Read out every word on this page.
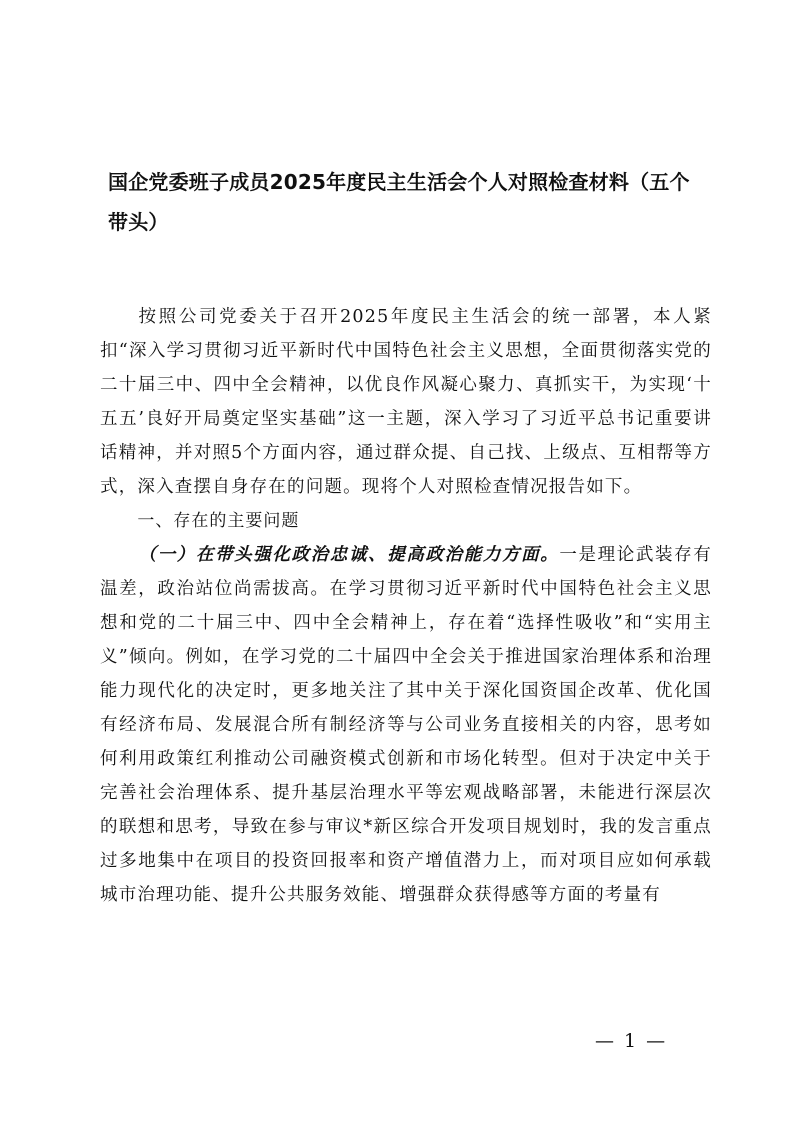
国企党委班子成员2025年度民主生活会个人对照检查材料（五个带头）

按照公司党委关于召开2025年度民主生活会的统一部署，本人紧扣“深入学习贯彻习近平新时代中国特色社会主义思想，全面贯彻落实党的二十届三中、四中全会精神，以优良作风凝心聚力、真抓实干，为实现‘十五五’良好开局奠定坚实基础”这一主题，深入学习了习近平总书记重要讲话精神，并对照5个方面内容，通过群众提、自己找、上级点、互相帮等方式，深入查摆自身存在的问题。现将个人对照检查情况报告如下。

一、存在的主要问题

（一）在带头强化政治忠诚、提高政治能力方面。一是理论武装存有温差，政治站位尚需拔高。在学习贯彻习近平新时代中国特色社会主义思想和党的二十届三中、四中全会精神上，存在着“选择性吸收”和“实用主义”倾向。例如，在学习党的二十届四中全会关于推进国家治理体系和治理能力现代化的决定时，更多地关注了其中关于深化国资国企改革、优化国有经济布局、发展混合所有制经济等与公司业务直接相关的内容，思考如何利用政策红利推动公司融资模式创新和市场化转型。但对于决定中关于完善社会治理体系、提升基层治理水平等宏观战略部署，未能进行深层次的联想和思考，导致在参与审议*新区综合开发项目规划时，我的发言重点过多地集中在项目的投资回报率和资产增值潜力上，而对项目应如何承载城市治理功能、提升公共服务效能、增强群众获得感等方面的考量有

— 1 —
